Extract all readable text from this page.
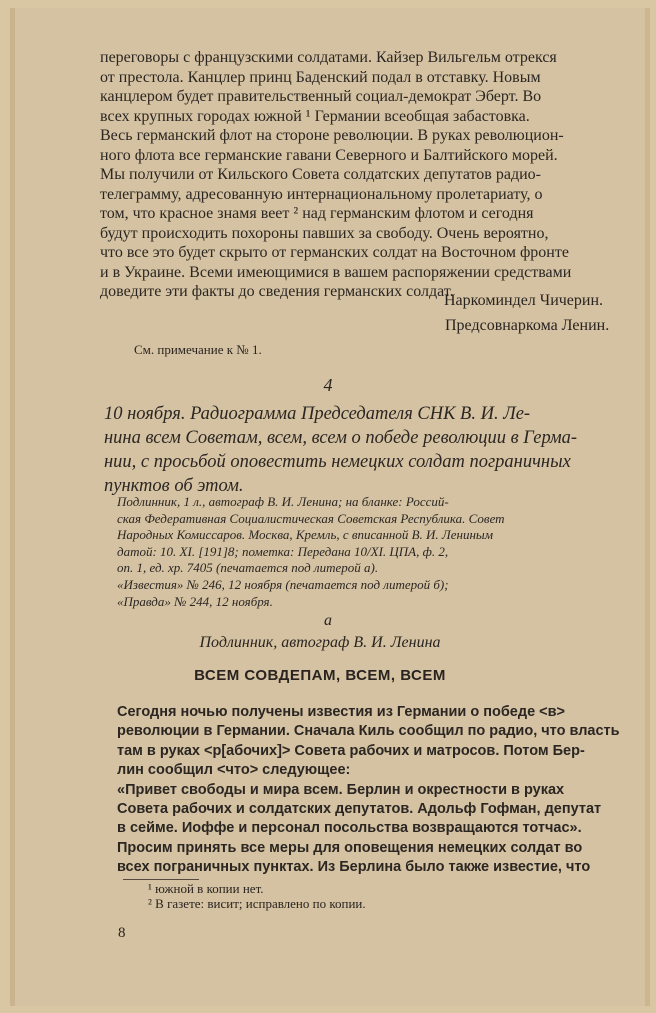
переговоры с французскими солдатами. Кайзер Вильгельм отрекся
от престола. Канцлер принц Баденский подал в отставку. Новым
канцлером будет правительственный социал-демократ Эберт. Во
всех крупных городах южной ¹ Германии всеобщая забастовка.
Весь германский флот на стороне революции. В руках революцион-
ного флота все германские гавани Северного и Балтийского морей.
Мы получили от Кильского Совета солдатских депутатов радио-
телеграмму, адресованную интернациональному пролетариату, о
том, что красное знамя веет ² над германским флотом и сегодня
будут происходить похороны павших за свободу. Очень вероятно,
что все это будет скрыто от германских солдат на Восточном фронте
и в Украине. Всеми имеющимися в вашем распоряжении средствами
доведите эти факты до сведения германских солдат.

Наркоминдел Чичерин.
Предсовнаркома Ленин.
См. примечание к № 1.
4

10 ноября. Радиограмма Председателя СНК В. И. Ле-
нина всем Советам, всем, всем о победе революции в Герма-
нии, с просьбой оповестить немецких солдат пограничных
пунктов об этом.

Подлинник, 1 л., автограф В. И. Ленина; на бланке: Россий-
ская Федеративная Социалистическая Советская Республика. Совет
Народных Комиссаров. Москва, Кремль, с вписанной В. И. Лениным
датой: 10. XI. [191]8; пометка: Передана 10/XI. ЦПА, ф. 2,
оп. 1, ед. хр. 7405 (печатается под литерой а).
«Известия» № 246, 12 ноября (печатается под литерой б);
«Правда» № 244, 12 ноября.

а
Подлинник, автограф В. И. Ленина
ВСЕМ СОВДЕПАМ, ВСЕМ, ВСЕМ

Сегодня ночью получены известия из Германии о победе <в>
революции в Германии. Сначала Киль сообщил по радио, что власть
там в руках <р[абочих]> Совета рабочих и матросов. Потом Бер-
лин сообщил <что> следующее:
«Привет свободы и мира всем. Берлин и окрестности в руках
Совета рабочих и солдатских депутатов. Адольф Гофман, депутат
в сейме. Иоффе и персонал посольства возвращаются тотчас».
Просим принять все меры для оповещения немецких солдат во
всех пограничных пунктах. Из Берлина было также известие, что

¹ южной в копии нет.
² В газете: висит; исправлено по копии.
8
